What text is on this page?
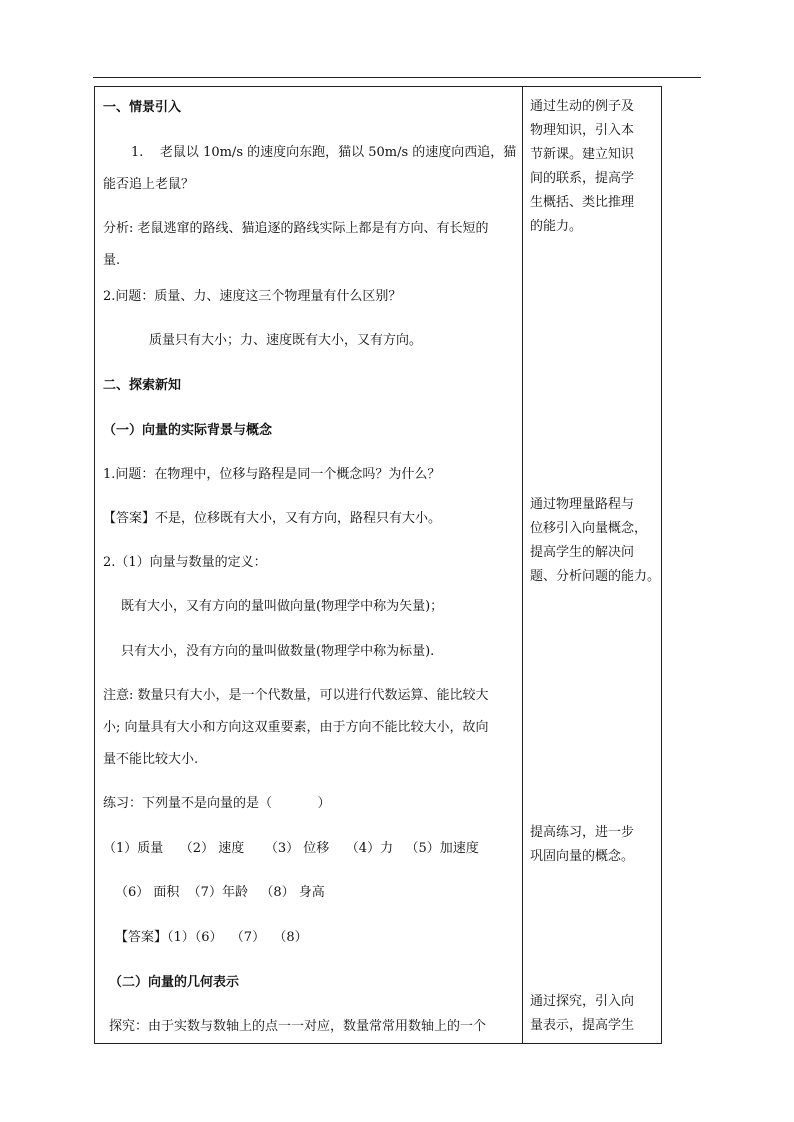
一、情景引入
1.    老鼠以 10m/s 的速度向东跑，猫以 50m/s 的速度向西追，猫
能否追上老鼠？
分析: 老鼠逃窜的路线、猫追逐的路线实际上都是有方向、有长短的
量.
2.问题：质量、力、速度这三个物理量有什么区别？
质量只有大小；力、速度既有大小，又有方向。
二、探索新知
（一）向量的实际背景与概念
1.问题：在物理中，位移与路程是同一个概念吗？为什么？
【答案】不是，位移既有大小，又有方向，路程只有大小。
2.（1）向量与数量的定义：
既有大小，又有方向的量叫做向量(物理学中称为矢量)；
只有大小，没有方向的量叫做数量(物理学中称为标量).
注意: 数量只有大小，是一个代数量，可以进行代数运算、能比较大
小; 向量具有大小和方向这双重要素，由于方向不能比较大小，故向
量不能比较大小.
练习：下列量不是向量的是（           ）
（1）质量    （2） 速度     （3） 位移    （4）力   （5）加速度
（6） 面积  （7）年龄   （8） 身高
【答案】（1）（6）  （7）  （8）
（二）向量的几何表示
探究：由于实数与数轴上的点一一对应，数量常常用数轴上的一个
通过生动的例子及
物理知识，引入本
节新课。建立知识
间的联系，提高学
生概括、类比推理
的能力。
通过物理量路程与
位移引入向量概念，
提高学生的解决问
题、分析问题的能力。
提高练习，进一步
巩固向量的概念。
通过探究，引入向
量表示，提高学生
